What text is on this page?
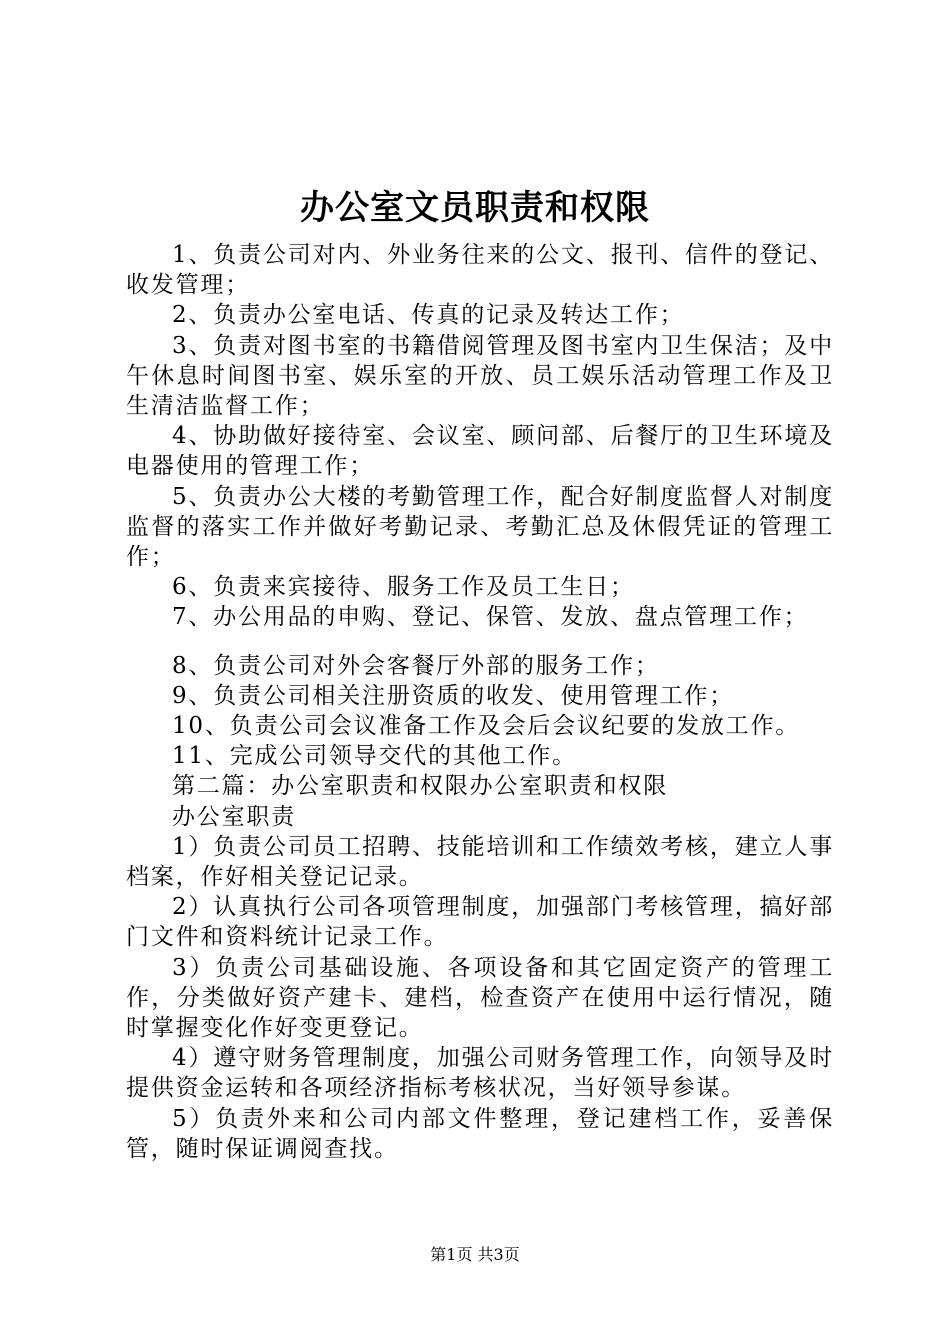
办公室文员职责和权限

1、负责公司对内、外业务往来的公文、报刊、信件的登记、收发管理；

2、负责办公室电话、传真的记录及转达工作；

3、负责对图书室的书籍借阅管理及图书室内卫生保洁；及中午休息时间图书室、娱乐室的开放、员工娱乐活动管理工作及卫生清洁监督工作；

4、协助做好接待室、会议室、顾问部、后餐厅的卫生环境及电器使用的管理工作；

5、负责办公大楼的考勤管理工作，配合好制度监督人对制度监督的落实工作并做好考勤记录、考勤汇总及休假凭证的管理工作；

6、负责来宾接待、服务工作及员工生日；

7、办公用品的申购、登记、保管、发放、盘点管理工作；

8、负责公司对外会客餐厅外部的服务工作；

9、负责公司相关注册资质的收发、使用管理工作；

10、负责公司会议准备工作及会后会议纪要的发放工作。

11、完成公司领导交代的其他工作。

第二篇：办公室职责和权限办公室职责和权限

办公室职责

1）负责公司员工招聘、技能培训和工作绩效考核，建立人事档案，作好相关登记记录。

2）认真执行公司各项管理制度，加强部门考核管理，搞好部门文件和资料统计记录工作。

3）负责公司基础设施、各项设备和其它固定资产的管理工作，分类做好资产建卡、建档，检查资产在使用中运行情况，随时掌握变化作好变更登记。

4）遵守财务管理制度，加强公司财务管理工作，向领导及时提供资金运转和各项经济指标考核状况，当好领导参谋。

5）负责外来和公司内部文件整理，登记建档工作，妥善保管，随时保证调阅查找。

第1页 共3页
